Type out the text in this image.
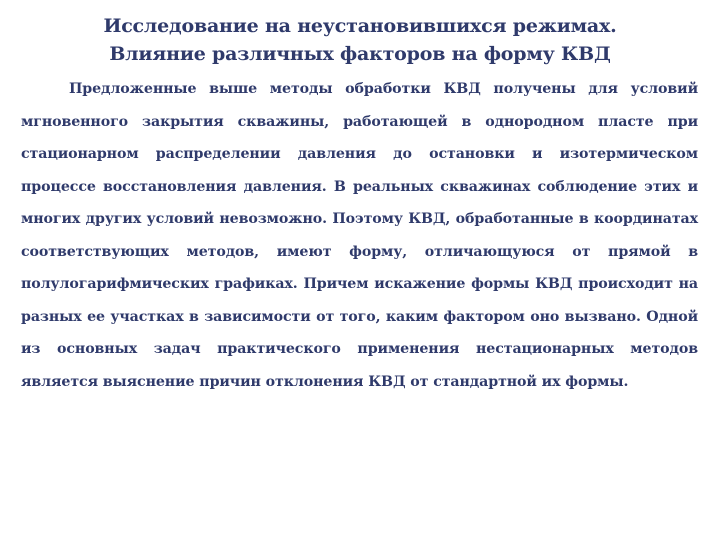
Исследование на неустановившихся режимах.
Влияние различных факторов на форму КВД

Предложенные выше методы обработки КВД получены для условий мгновенного закрытия скважины, работающей в однородном пласте при стационарном распределении давления до остановки и изотермическом процессе восстановления давления. В реальных скважинах соблюдение этих и многих других условий невозможно. Поэтому КВД, обработанные в координатах соответствующих методов, имеют форму, отличающуюся от прямой в полулогарифмических графиках. Причем искажение формы КВД происходит на разных ее участках в зависимости от того, каким фактором оно вызвано. Одной из основных задач практического применения нестационарных методов является выяснение причин отклонения КВД от стандартной их формы.
